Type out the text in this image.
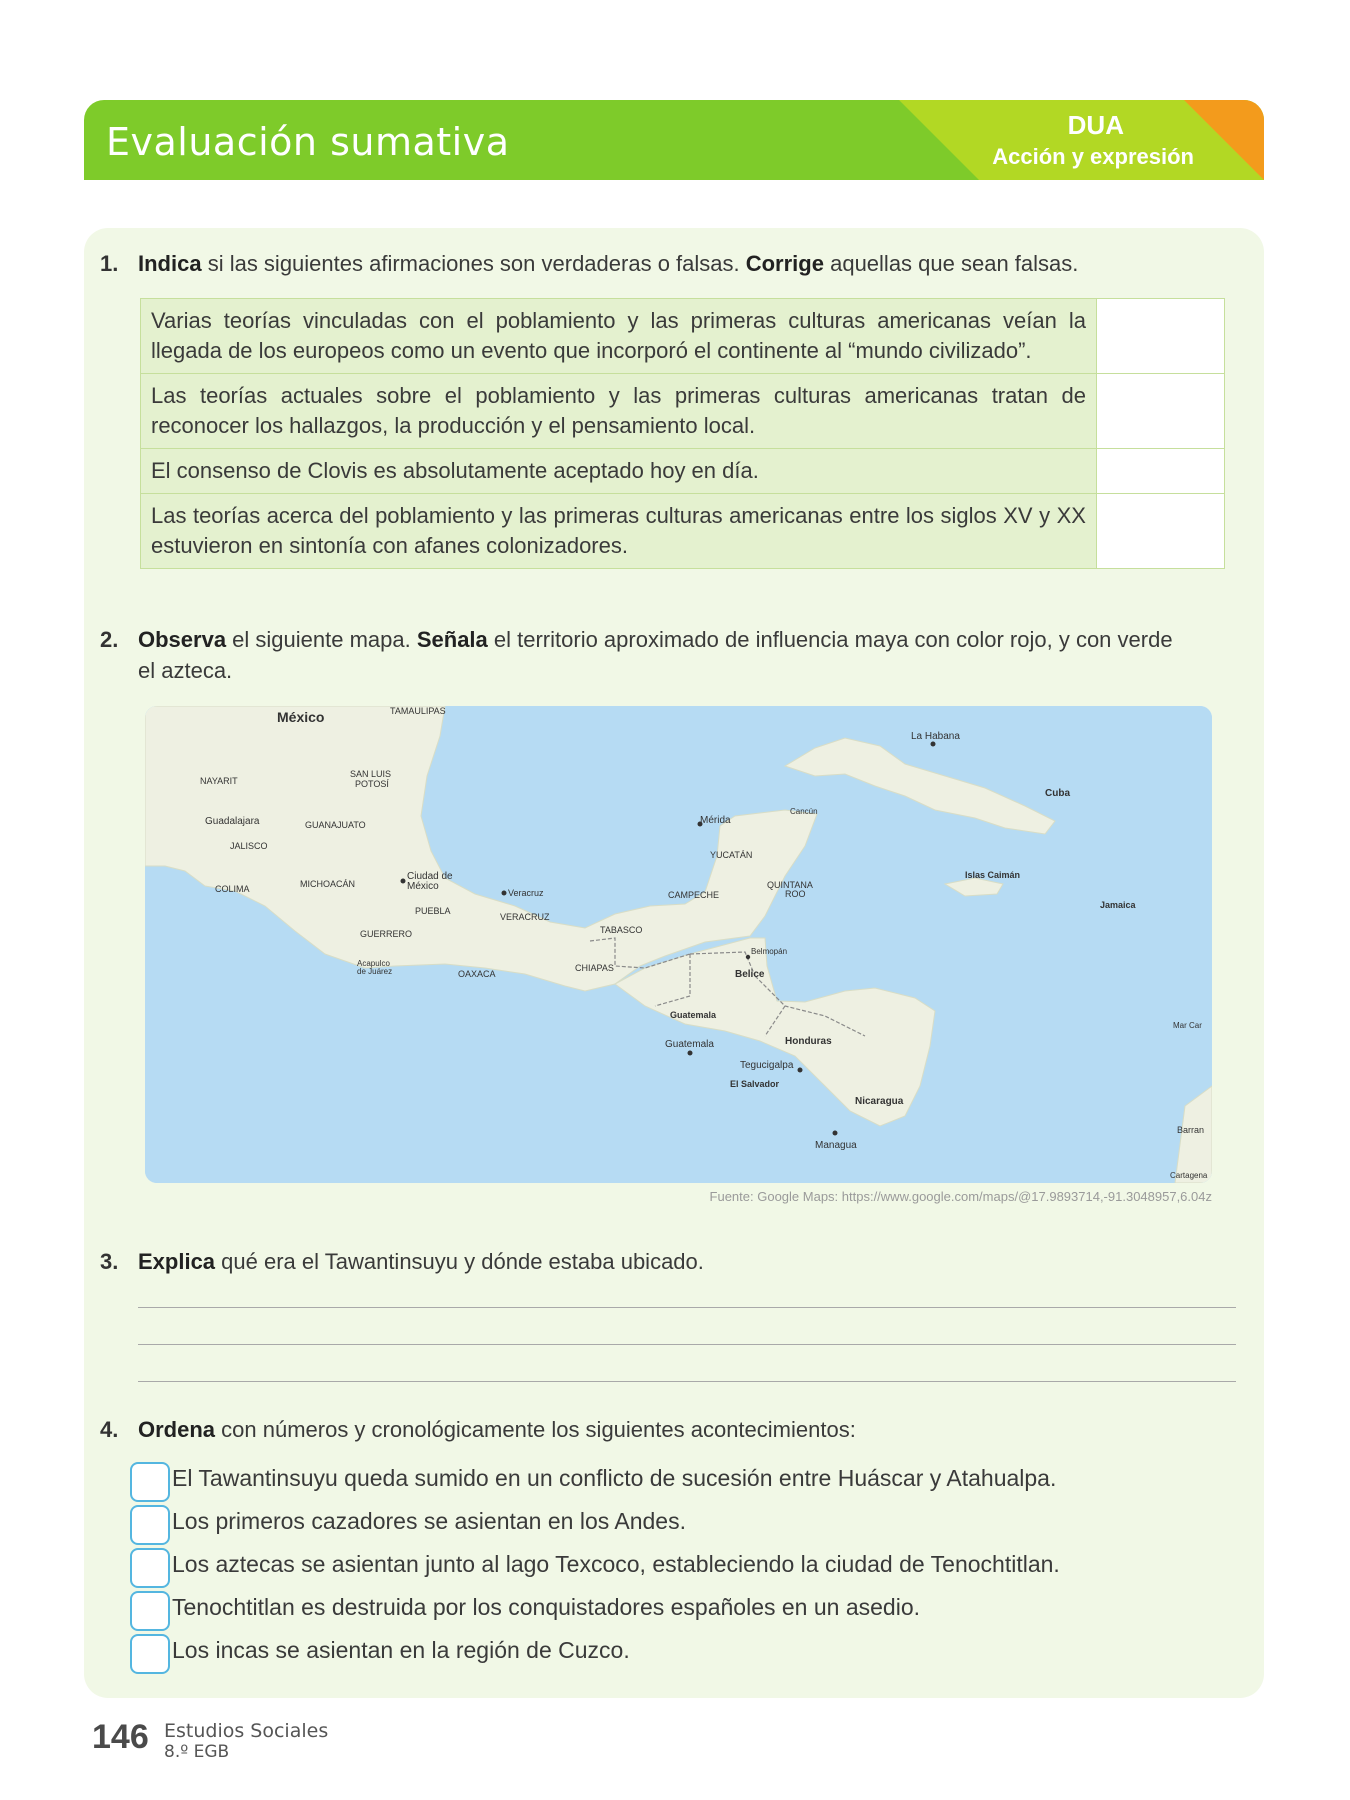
Evaluación sumativa	DUA
Acción y expresión
1. Indica si las siguientes afirmaciones son verdaderas o falsas. Corrige aquellas que sean falsas.
Varias teorías vinculadas con el poblamiento y las primeras culturas americanas veían la llegada de los europeos como un evento que incorporó el continente al “mundo civilizado”.	
Las teorías actuales sobre el poblamiento y las primeras culturas americanas tratan de reconocer los hallazgos, la producción y el pensamiento local.	
El consenso de Clovis es absolutamente aceptado hoy en día.	
Las teorías acerca del poblamiento y las primeras culturas americanas entre los siglos XV y XX estuvieron en sintonía con afanes colonizadores.	
2. Observa el siguiente mapa. Señala el territorio aproximado de influencia maya con color rojo, y con verde
el azteca.
México	TAMAULIPAS
NAYARIT
SAN LUIS
POTOSÍ
Guadalajara	GUANAJUATO
JALISCO
COLIMA	MICHOACÁN
Ciudad de
México
Veracruz
PUEBLA
VERACRUZ
GUERRERO
Acapulco
de Juárez	OAXACA
TABASCO
CHIAPAS
CAMPECHE
Mérida
Cancún
YUCATÁN
QUINTANA
ROO
Belmopán
Belice
Guatemala
Guatemala	Honduras
Tegucigalpa
El Salvador
Nicaragua
Managua
La Habana
Cuba
Islas Caimán
Jamaica
Mar Car
Barran
Cartagena
Fuente: Google Maps: https://www.google.com/maps/@17.9893714,-91.3048957,6.04z
3. Explica qué era el Tawantinsuyu y dónde estaba ubicado.
4. Ordena con números y cronológicamente los siguientes acontecimientos:
El Tawantinsuyu queda sumido en un conflicto de sucesión entre Huáscar y Atahualpa.
Los primeros cazadores se asientan en los Andes.
Los aztecas se asientan junto al lago Texcoco, estableciendo la ciudad de Tenochtitlan.
Tenochtitlan es destruida por los conquistadores españoles en un asedio.
Los incas se asientan en la región de Cuzco.
146 Estudios Sociales
8.º EGB
